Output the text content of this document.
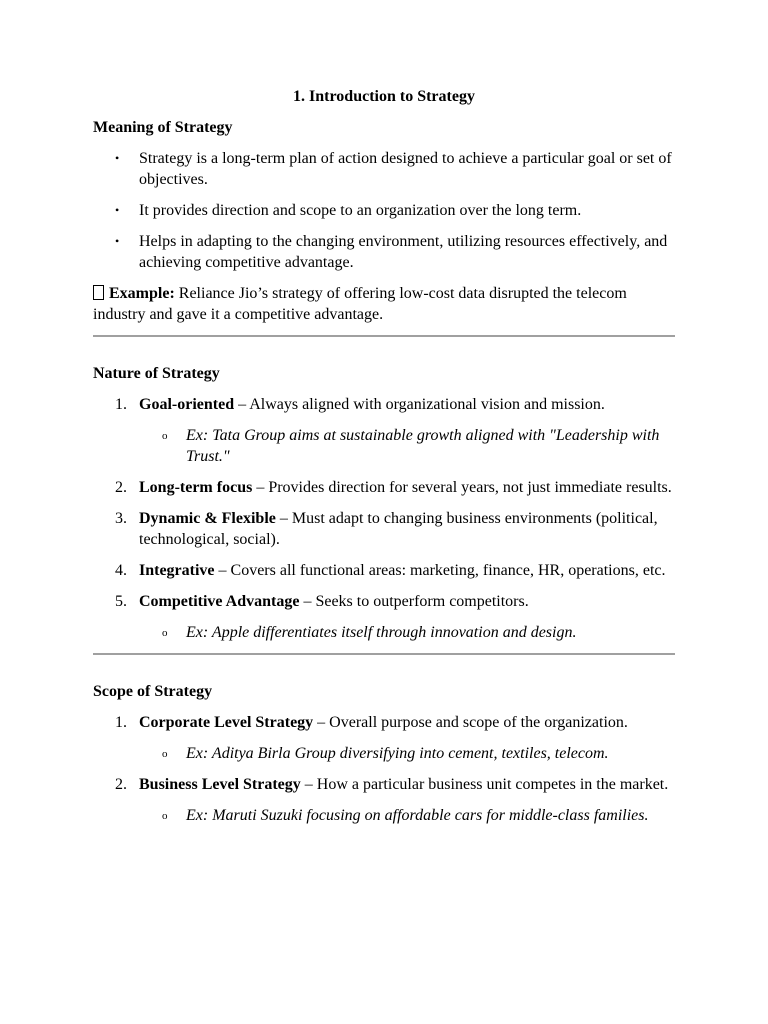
1. Introduction to Strategy
Meaning of Strategy
• Strategy is a long-term plan of action designed to achieve a particular goal or set of objectives.
• It provides direction and scope to an organization over the long term.
• Helps in adapting to the changing environment, utilizing resources effectively, and achieving competitive advantage.
Example: Reliance Jio’s strategy of offering low-cost data disrupted the telecom industry and gave it a competitive advantage.
Nature of Strategy
1. Goal-oriented – Always aligned with organizational vision and mission.
o Ex: Tata Group aims at sustainable growth aligned with "Leadership with Trust."
2. Long-term focus – Provides direction for several years, not just immediate results.
3. Dynamic & Flexible – Must adapt to changing business environments (political, technological, social).
4. Integrative – Covers all functional areas: marketing, finance, HR, operations, etc.
5. Competitive Advantage – Seeks to outperform competitors.
o Ex: Apple differentiates itself through innovation and design.
Scope of Strategy
1. Corporate Level Strategy – Overall purpose and scope of the organization.
o Ex: Aditya Birla Group diversifying into cement, textiles, telecom.
2. Business Level Strategy – How a particular business unit competes in the market.
o Ex: Maruti Suzuki focusing on affordable cars for middle-class families.
